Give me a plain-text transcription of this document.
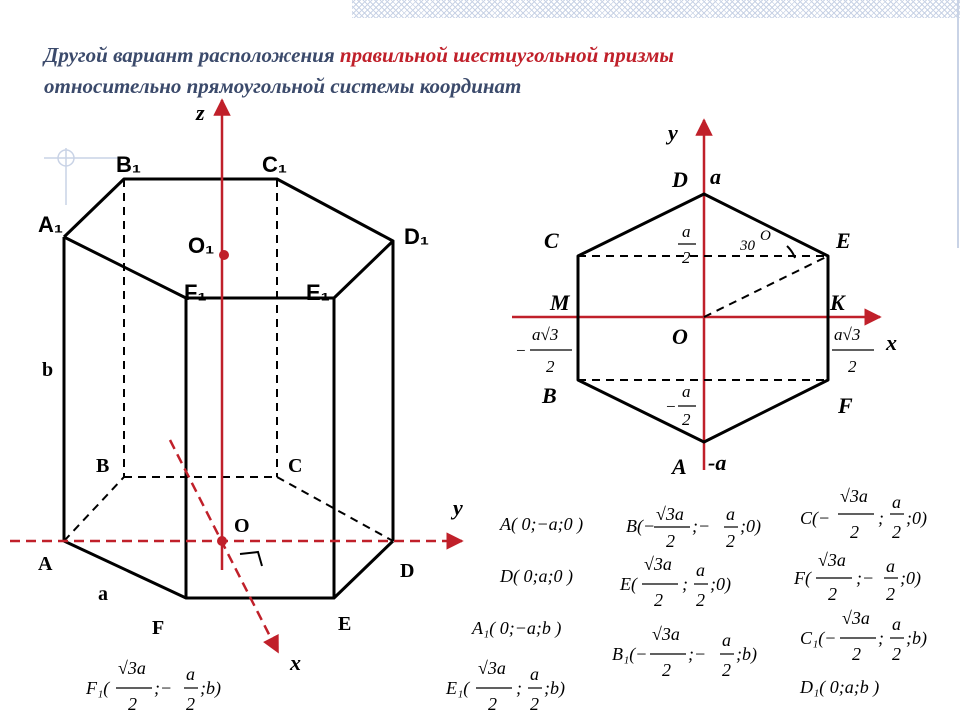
Другой вариант расположения правильной шестиугольной призмы
относительно прямоугольной системы координат

z
y
x
O₁
O
A₁
B₁	C₁
D₁
E₁
F₁
A
B	C
D
E
F
a
b
y
x
D a
C	E
M	K
O
B	F
A -a
30
O
a
2
−
a
2
−
a√3
2
a√3
2
A( 0;−a;0 )
D( 0;a;0 )
A₁( 0;−a;b )
D₁( 0;a;b )
B(−
√3a
2
;−
a
2
;0) C(−
√3a
2
;
a
2
;0)
E(
√3a
2
;
a
2
;0)	F(
√3a
2
;−
a
2
;0)
B₁(−
√3a
2
;−
a
2
;b)
C₁(−
√3a
2
;
a
2
;b)
F₁(
√3a
2
;−
a
2
;b)	E₁(
√3a
2
;
a
2
;b)
